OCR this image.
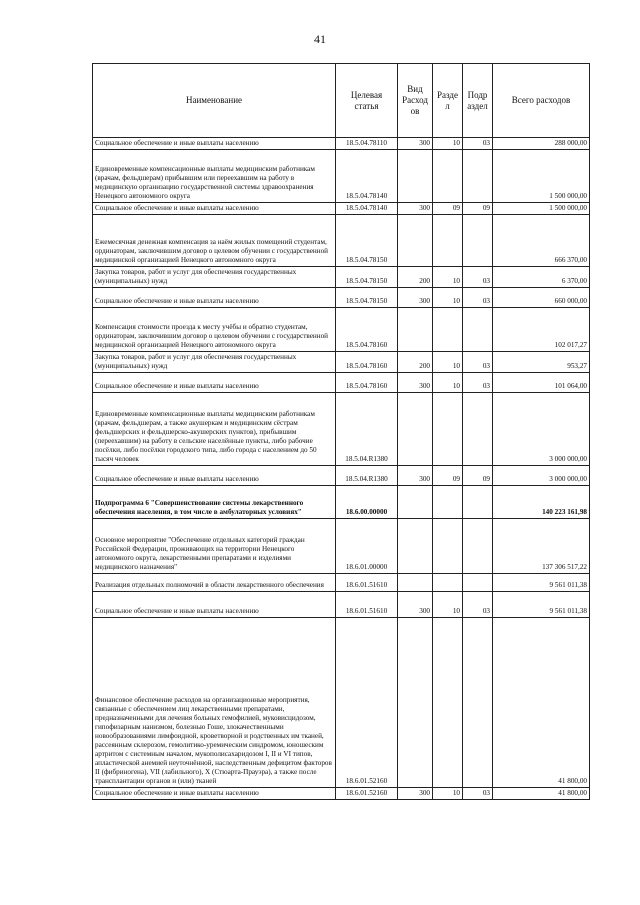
41
Наименование	Целевая статья	Вид Расход ов	Разде л	Подр аздел	Всего расходов
Социальное обеспечение и иные выплаты населению	18.5.04.78110	300	10	03	288 000,00
Единовременные компенсационные выплаты медицинским работникам (врачам, фельдшерам) прибывшим или переехавшим на работу в медицинскую организацию государственной системы здравоохранения Ненецкого автономного округа	18.5.04.78140				1 500 000,00
Социальное обеспечение и иные выплаты населению	18.5.04.78140	300	09	09	1 500 000,00
Ежемесячная денежная компенсация за наём жилых помещений студентам, ординаторам, заключившим договор о целевом обучении с государственной медицинской организацией Ненецкого автономного округа	18.5.04.78150				666 370,00
Закупка товаров, работ и услуг для обеспечения государственных (муниципальных) нужд	18.5.04.78150	200	10	03	6 370,00
Социальное обеспечение и иные выплаты населению	18.5.04.78150	300	10	03	660 000,00
Компенсация стоимости проезда к месту учёбы и обратно студентам, ординаторам, заключившим договор о целевом обучении с государственной медицинской организацией Ненецкого автономного округа	18.5.04.78160				102 017,27
Закупка товаров, работ и услуг для обеспечения государственных (муниципальных) нужд	18.5.04.78160	200	10	03	953,27
Социальное обеспечение и иные выплаты населению	18.5.04.78160	300	10	03	101 064,00
Единовременные компенсационные выплаты медицинским работникам (врачам, фельдшерам, а также акушеркам и медицинским сёстрам фельдшерских и фельдшерско-акушерских пунктов), прибывшим (переехавшим) на работу в сельские населённые пункты, либо рабочие посёлки, либо посёлки городского типа, либо города с населением до 50 тысяч человек	18.5.04.R1380				3 000 000,00
Социальное обеспечение и иные выплаты населению	18.5.04.R1380	300	09	09	3 000 000,00
Подпрограмма 6 "Совершенствование системы лекарственного обеспечения населения, в том числе в амбулаторных условиях"	18.6.00.00000				140 223 161,98
Основное мероприятие "Обеспечение отдельных категорий граждан Российской Федерации, проживающих на территории Ненецкого автономного округа, лекарственными препаратами и изделиями медицинского назначения"	18.6.01.00000				137 306 517,22
Реализация отдельных полномочий в области лекарственного обеспечения	18.6.01.51610				9 561 011,38
Социальное обеспечение и иные выплаты населению	18.6.01.51610	300	10	03	9 561 011,38
Финансовое обеспечение расходов на организационные мероприятия, связанные с обеспечением лиц лекарственными препаратами, предназначенными для лечения больных гемофилией, муковисцидозом, гипофизарным нанизмом, болезнью Гоше, злокачественными новообразованиями лимфоидной, кроветворной и родственных им тканей, рассеянным склерозом, гемолитико-уремическим синдромом, юношеским артритом с системным началом, мукополисахаридозом I, II и VI типов, апластической анемией неуточнённой, наследственным дефицитом факторов II (фибриногена), VII (лабильного), X (Стюарта-Прауэра), а также после трансплантации органов и (или) тканей	18.6.01.52160				41 800,00
Социальное обеспечение и иные выплаты населению	18.6.01.52160	300	10	03	41 800,00
